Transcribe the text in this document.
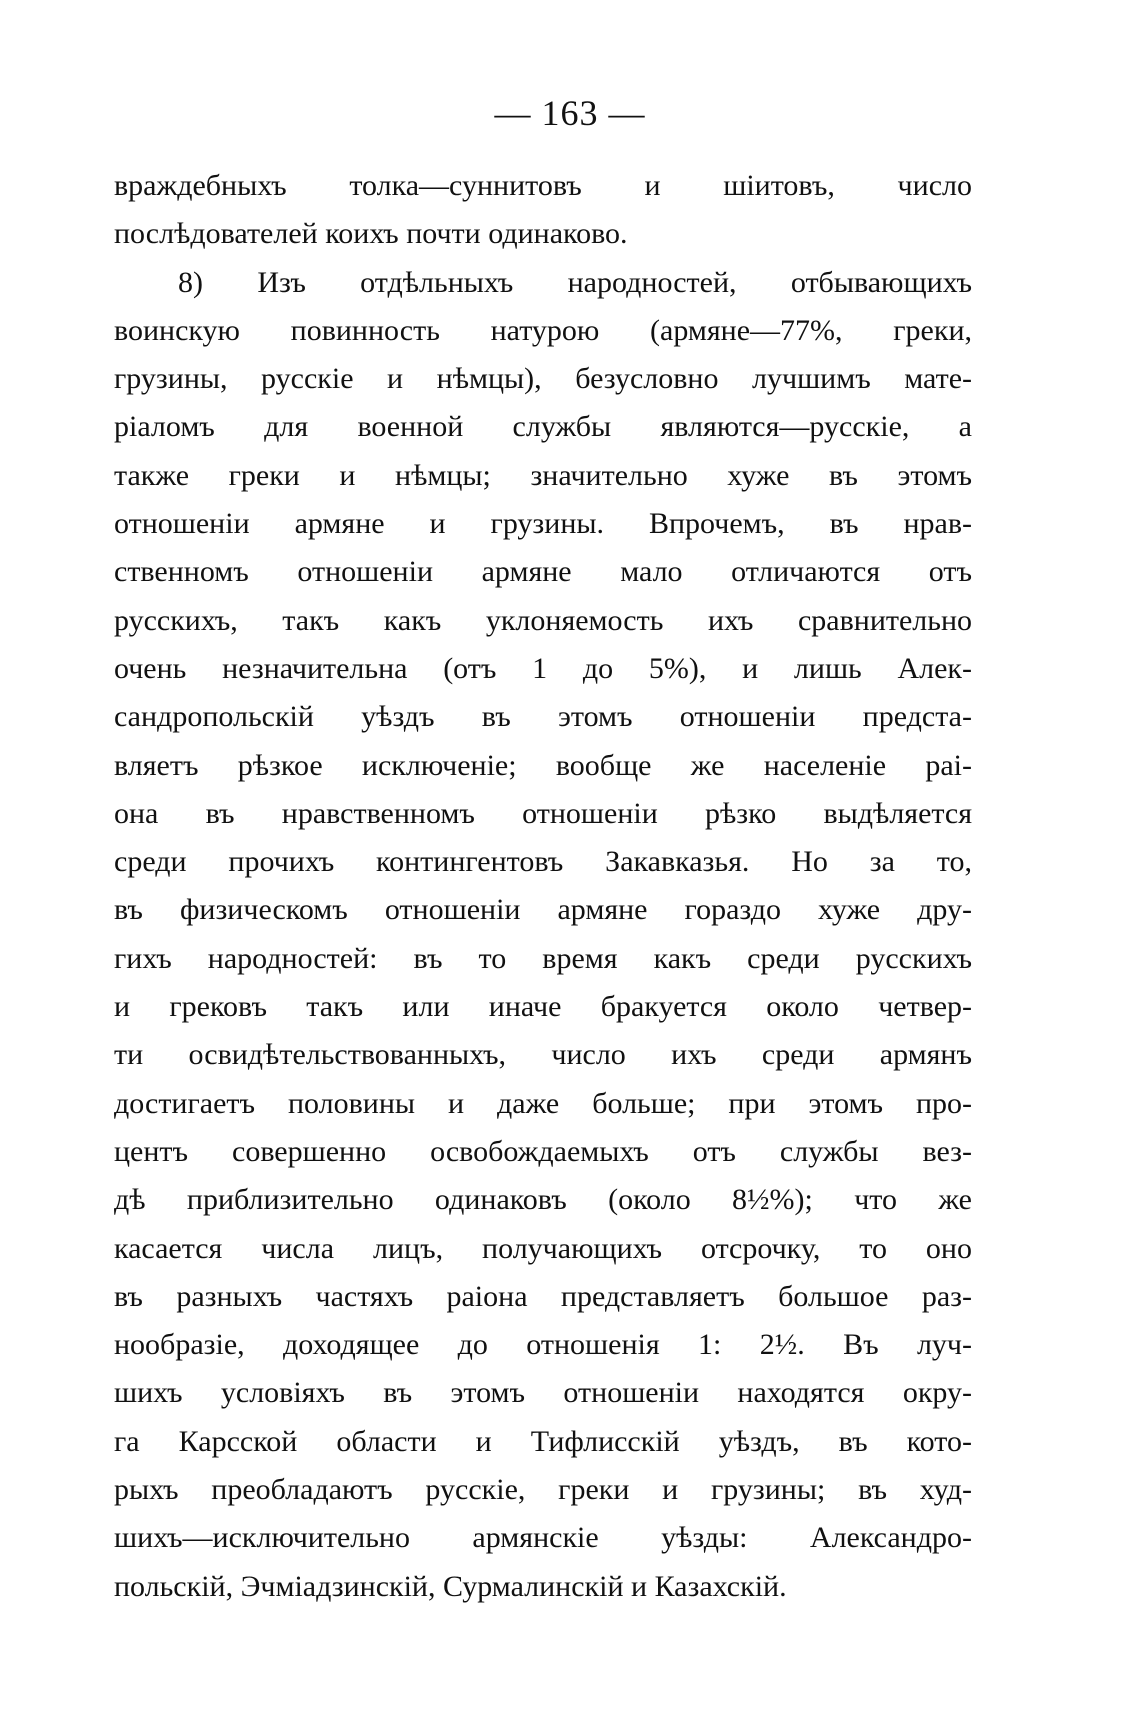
— 163 —
враждебныхъ толка—суннитовъ и шiитовъ, число
послѣдователей коихъ почти одинаково.
8) Изъ отдѣльныхъ народностей, отбывающихъ
воинскую повинность натурою (армяне—77%, греки,
грузины, русскiе и нѣмцы), безусловно лучшимъ мате-
рiаломъ для военной службы являются—русскiе, а
также греки и нѣмцы; значительно хуже въ этомъ
отношенiи армяне и грузины. Впрочемъ, въ нрав-
ственномъ отношенiи армяне мало отличаются отъ
русскихъ, такъ какъ уклоняемость ихъ сравнительно
очень незначительна (отъ 1 до 5%), и лишь Алек-
сандропольскiй уѣздъ въ этомъ отношенiи предста-
вляетъ рѣзкое исключенiе; вообще же населенiе раi-
она въ нравственномъ отношенiи рѣзко выдѣляется
среди прочихъ контингентовъ Закавказья. Но за то,
въ физическомъ отношенiи армяне гораздо хуже дру-
гихъ народностей: въ то время какъ среди русскихъ
и грековъ такъ или иначе бракуется около четвер-
ти освидѣтельствованныхъ, число ихъ среди армянъ
достигаетъ половины и даже больше; при этомъ про-
центъ совершенно освобождаемыхъ отъ службы вез-
дѣ приблизительно одинаковъ (около 8½%); что же
касается числа лицъ, получающихъ отсрочку, то оно
въ разныхъ частяхъ раiона представляетъ большое раз-
нообразiе, доходящее до отношенiя 1: 2½. Въ луч-
шихъ условiяхъ въ этомъ отношенiи находятся окру-
га Карсской области и Тифлисскiй уѣздъ, въ кото-
рыхъ преобладаютъ русскiе, греки и грузины; въ худ-
шихъ—исключительно армянскiе уѣзды: Александро-
польскiй, Эчмiадзинскiй, Сурмалинскiй и Казахскiй.
